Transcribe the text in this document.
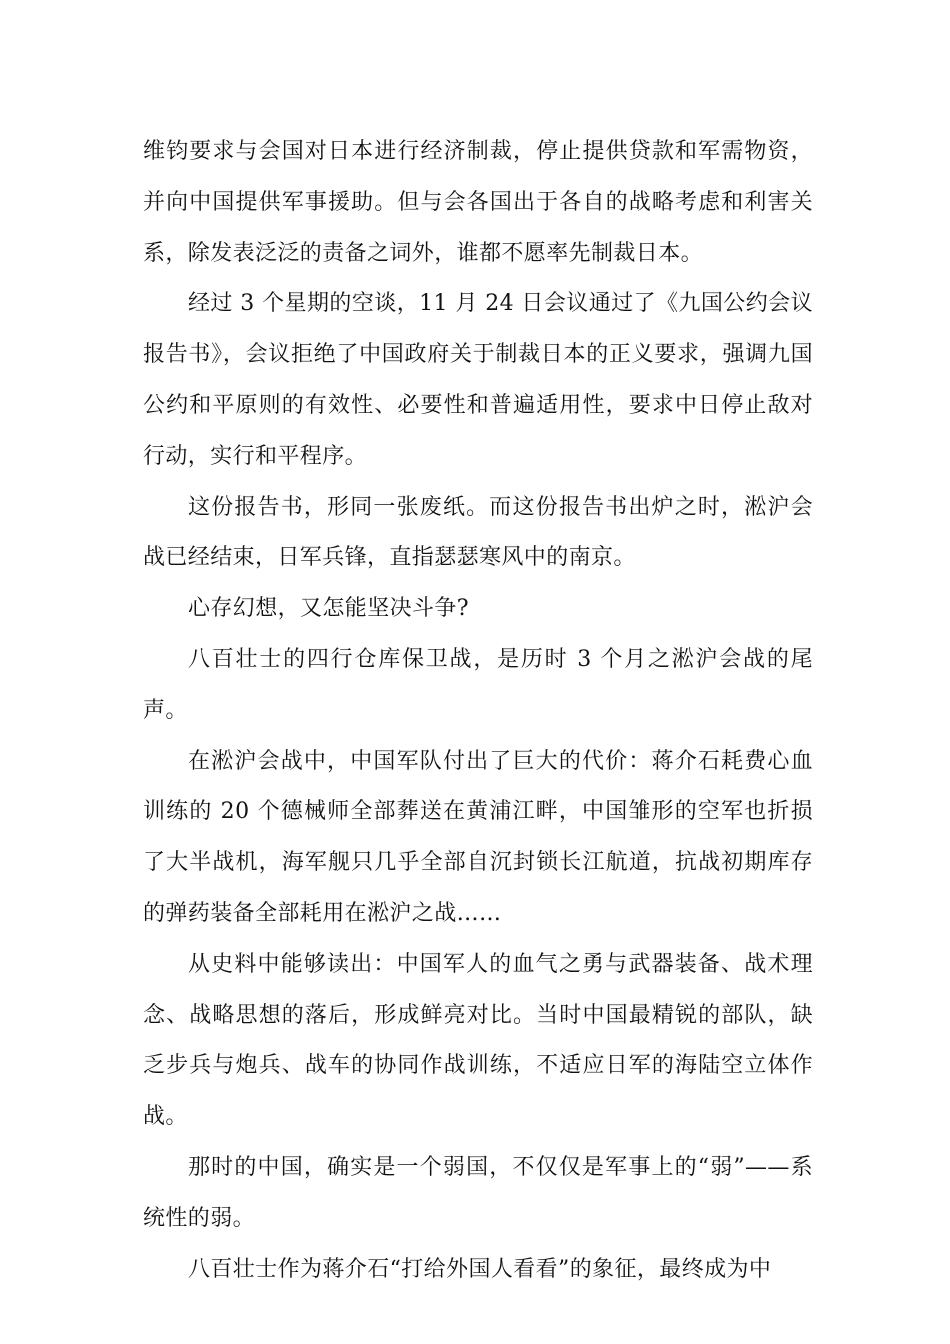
维钧要求与会国对日本进行经济制裁，停止提供贷款和军需物资，并向中国提供军事援助。但与会各国出于各自的战略考虑和利害关系，除发表泛泛的责备之词外，谁都不愿率先制裁日本。

经过 3 个星期的空谈，11 月 24 日会议通过了《九国公约会议报告书》，会议拒绝了中国政府关于制裁日本的正义要求，强调九国公约和平原则的有效性、必要性和普遍适用性，要求中日停止敌对行动，实行和平程序。

这份报告书，形同一张废纸。而这份报告书出炉之时，淞沪会战已经结束，日军兵锋，直指瑟瑟寒风中的南京。

心存幻想，又怎能坚决斗争?

八百壮士的四行仓库保卫战，是历时 3 个月之淞沪会战的尾声。

在淞沪会战中，中国军队付出了巨大的代价：蒋介石耗费心血训练的 20 个德械师全部葬送在黄浦江畔，中国雏形的空军也折损了大半战机，海军舰只几乎全部自沉封锁长江航道，抗战初期库存的弹药装备全部耗用在淞沪之战……

从史料中能够读出：中国军人的血气之勇与武器装备、战术理念、战略思想的落后，形成鲜亮对比。当时中国最精锐的部队，缺乏步兵与炮兵、战车的协同作战训练，不适应日军的海陆空立体作战。

那时的中国，确实是一个弱国，不仅仅是军事上的“弱”——系统性的弱。

八百壮士作为蒋介石“打给外国人看看”的象征，最终成为中
